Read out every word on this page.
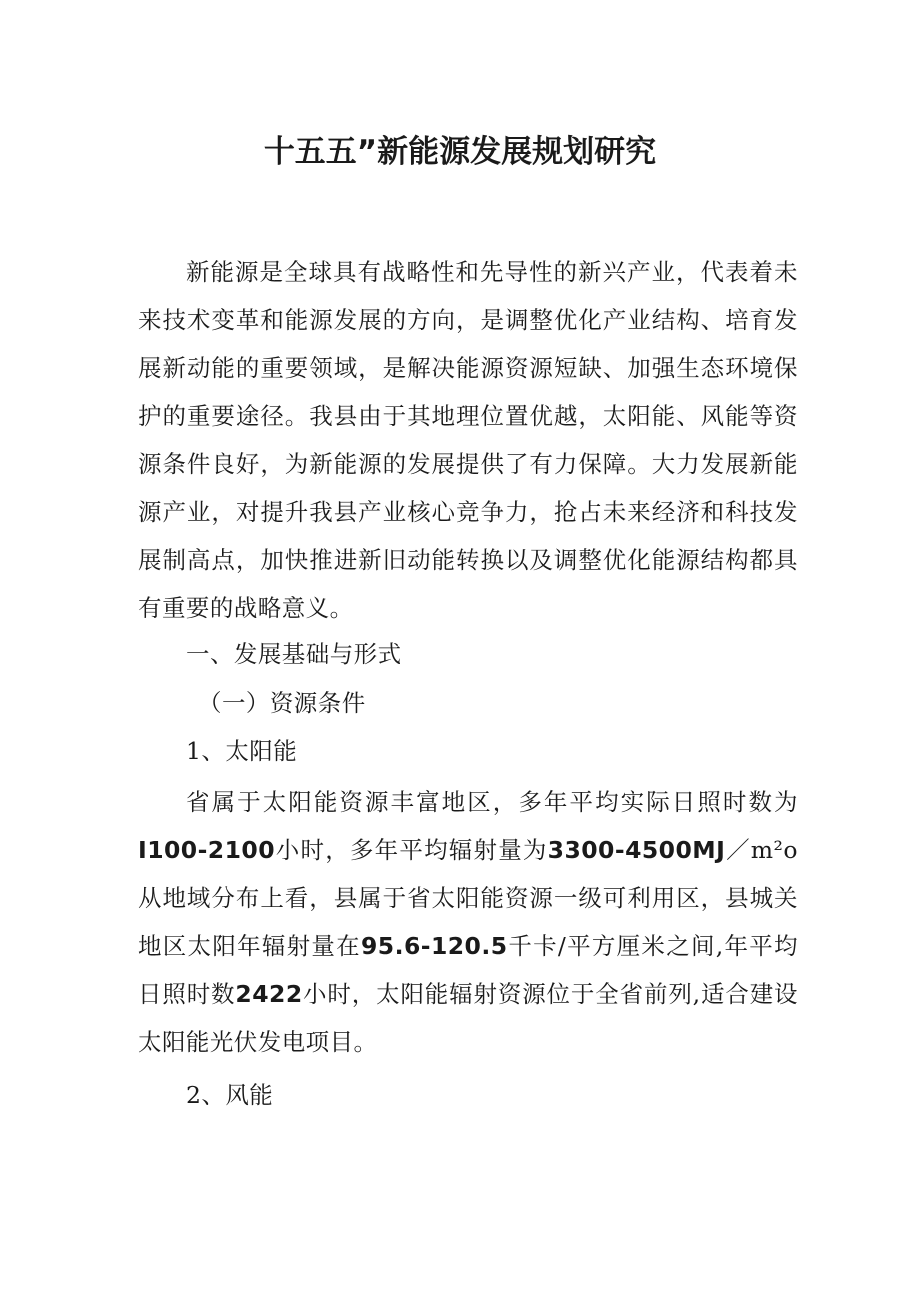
十五五”新能源发展规划研究

新能源是全球具有战略性和先导性的新兴产业，代表着未来技术变革和能源发展的方向，是调整优化产业结构、培育发展新动能的重要领域，是解决能源资源短缺、加强生态环境保护的重要途径。我县由于其地理位置优越，太阳能、风能等资源条件良好，为新能源的发展提供了有力保障。大力发展新能源产业，对提升我县产业核心竞争力，抢占未来经济和科技发展制高点，加快推进新旧动能转换以及调整优化能源结构都具有重要的战略意义。

一、发展基础与形式

（一）资源条件

1、太阳能

省属于太阳能资源丰富地区，多年平均实际日照时数为I100-2100小时，多年平均辐射量为3300-4500MJ／m²o从地域分布上看，县属于省太阳能资源一级可利用区，县城关地区太阳年辐射量在95.6-120.5千卡/平方厘米之间,年平均日照时数2422小时，太阳能辐射资源位于全省前列,适合建设太阳能光伏发电项目。

2、风能
